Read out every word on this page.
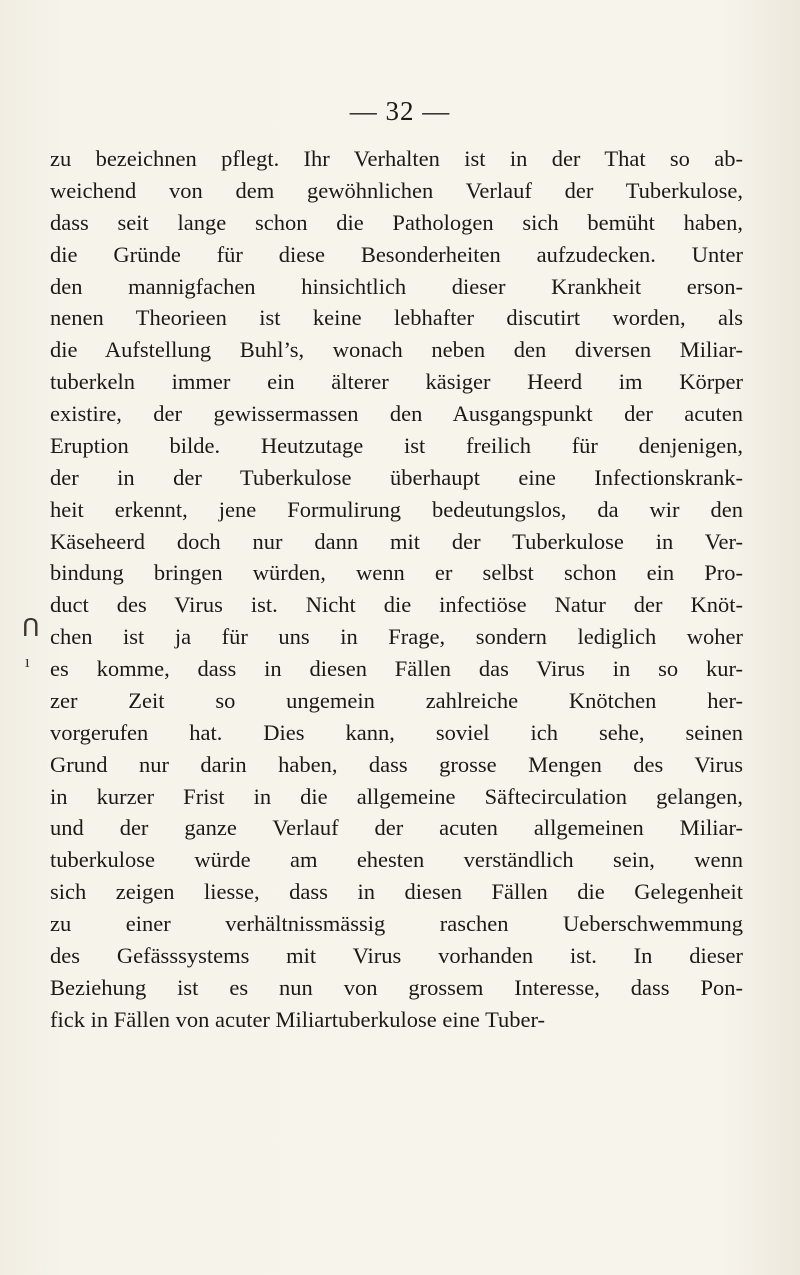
— 32 —
zu bezeichnen pflegt. Ihr Verhalten ist in der That so ab-
weichend von dem gewöhnlichen Verlauf der Tuberkulose,
dass seit lange schon die Pathologen sich bemüht haben,
die Gründe für diese Besonderheiten aufzudecken. Unter
den mannigfachen hinsichtlich dieser Krankheit erson-
nenen Theorieen ist keine lebhafter discutirt worden, als
die Aufstellung Buhl’s, wonach neben den diversen Miliar-
tuberkeln immer ein älterer käsiger Heerd im Körper
existire, der gewissermassen den Ausgangspunkt der acuten
Eruption bilde. Heutzutage ist freilich für denjenigen,
der in der Tuberkulose überhaupt eine Infectionskrank-
heit erkennt, jene Formulirung bedeutungslos, da wir den
Käseheerd doch nur dann mit der Tuberkulose in Ver-
bindung bringen würden, wenn er selbst schon ein Pro-
duct des Virus ist. Nicht die infectiöse Natur der Knöt-
chen ist ja für uns in Frage, sondern lediglich woher
es komme, dass in diesen Fällen das Virus in so kur-
zer Zeit so ungemein zahlreiche Knötchen her-
vorgerufen hat. Dies kann, soviel ich sehe, seinen
Grund nur darin haben, dass grosse Mengen des Virus
in kurzer Frist in die allgemeine Säftecirculation gelangen,
und der ganze Verlauf der acuten allgemeinen Miliar-
tuberkulose würde am ehesten verständlich sein, wenn
sich zeigen liesse, dass in diesen Fällen die Gelegenheit
zu einer verhältnissmässig raschen Ueberschwemmung
des Gefässsystems mit Virus vorhanden ist. In dieser
Beziehung ist es nun von grossem Interesse, dass Pon-
fick in Fällen von acuter Miliartuberkulose eine Tuber-
ᑎ
ı
